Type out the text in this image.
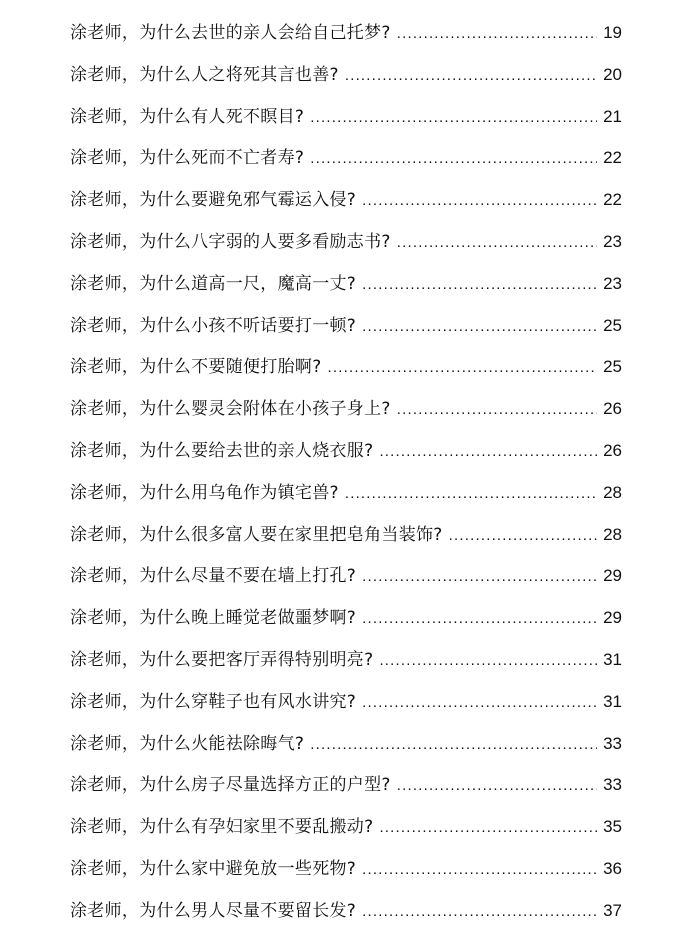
涂老师，为什么去世的亲人会给自己托梦? .....	19
涂老师，为什么人之将死其言也善? .....	20
涂老师，为什么有人死不瞑目? .....	21
涂老师，为什么死而不亡者寿? .....	22
涂老师，为什么要避免邪气霉运入侵? .....	22
涂老师，为什么八字弱的人要多看励志书? .....	23
涂老师，为什么道高一尺，魔高一丈? .....	23
涂老师，为什么小孩不听话要打一顿? .....	25
涂老师，为什么不要随便打胎啊? .....	25
涂老师，为什么婴灵会附体在小孩子身上? .....	26
涂老师，为什么要给去世的亲人烧衣服? .....	26
涂老师，为什么用乌龟作为镇宅兽? .....	28
涂老师，为什么很多富人要在家里把皂角当装饰? .....	28
涂老师，为什么尽量不要在墙上打孔? .....	29
涂老师，为什么晚上睡觉老做噩梦啊? .....	29
涂老师，为什么要把客厅弄得特别明亮? .....	31
涂老师，为什么穿鞋子也有风水讲究? .....	31
涂老师，为什么火能祛除晦气? .....	33
涂老师，为什么房子尽量选择方正的户型? .....	33
涂老师，为什么有孕妇家里不要乱搬动? .....	35
涂老师，为什么家中避免放一些死物? .....	36
涂老师，为什么男人尽量不要留长发? .....	37
